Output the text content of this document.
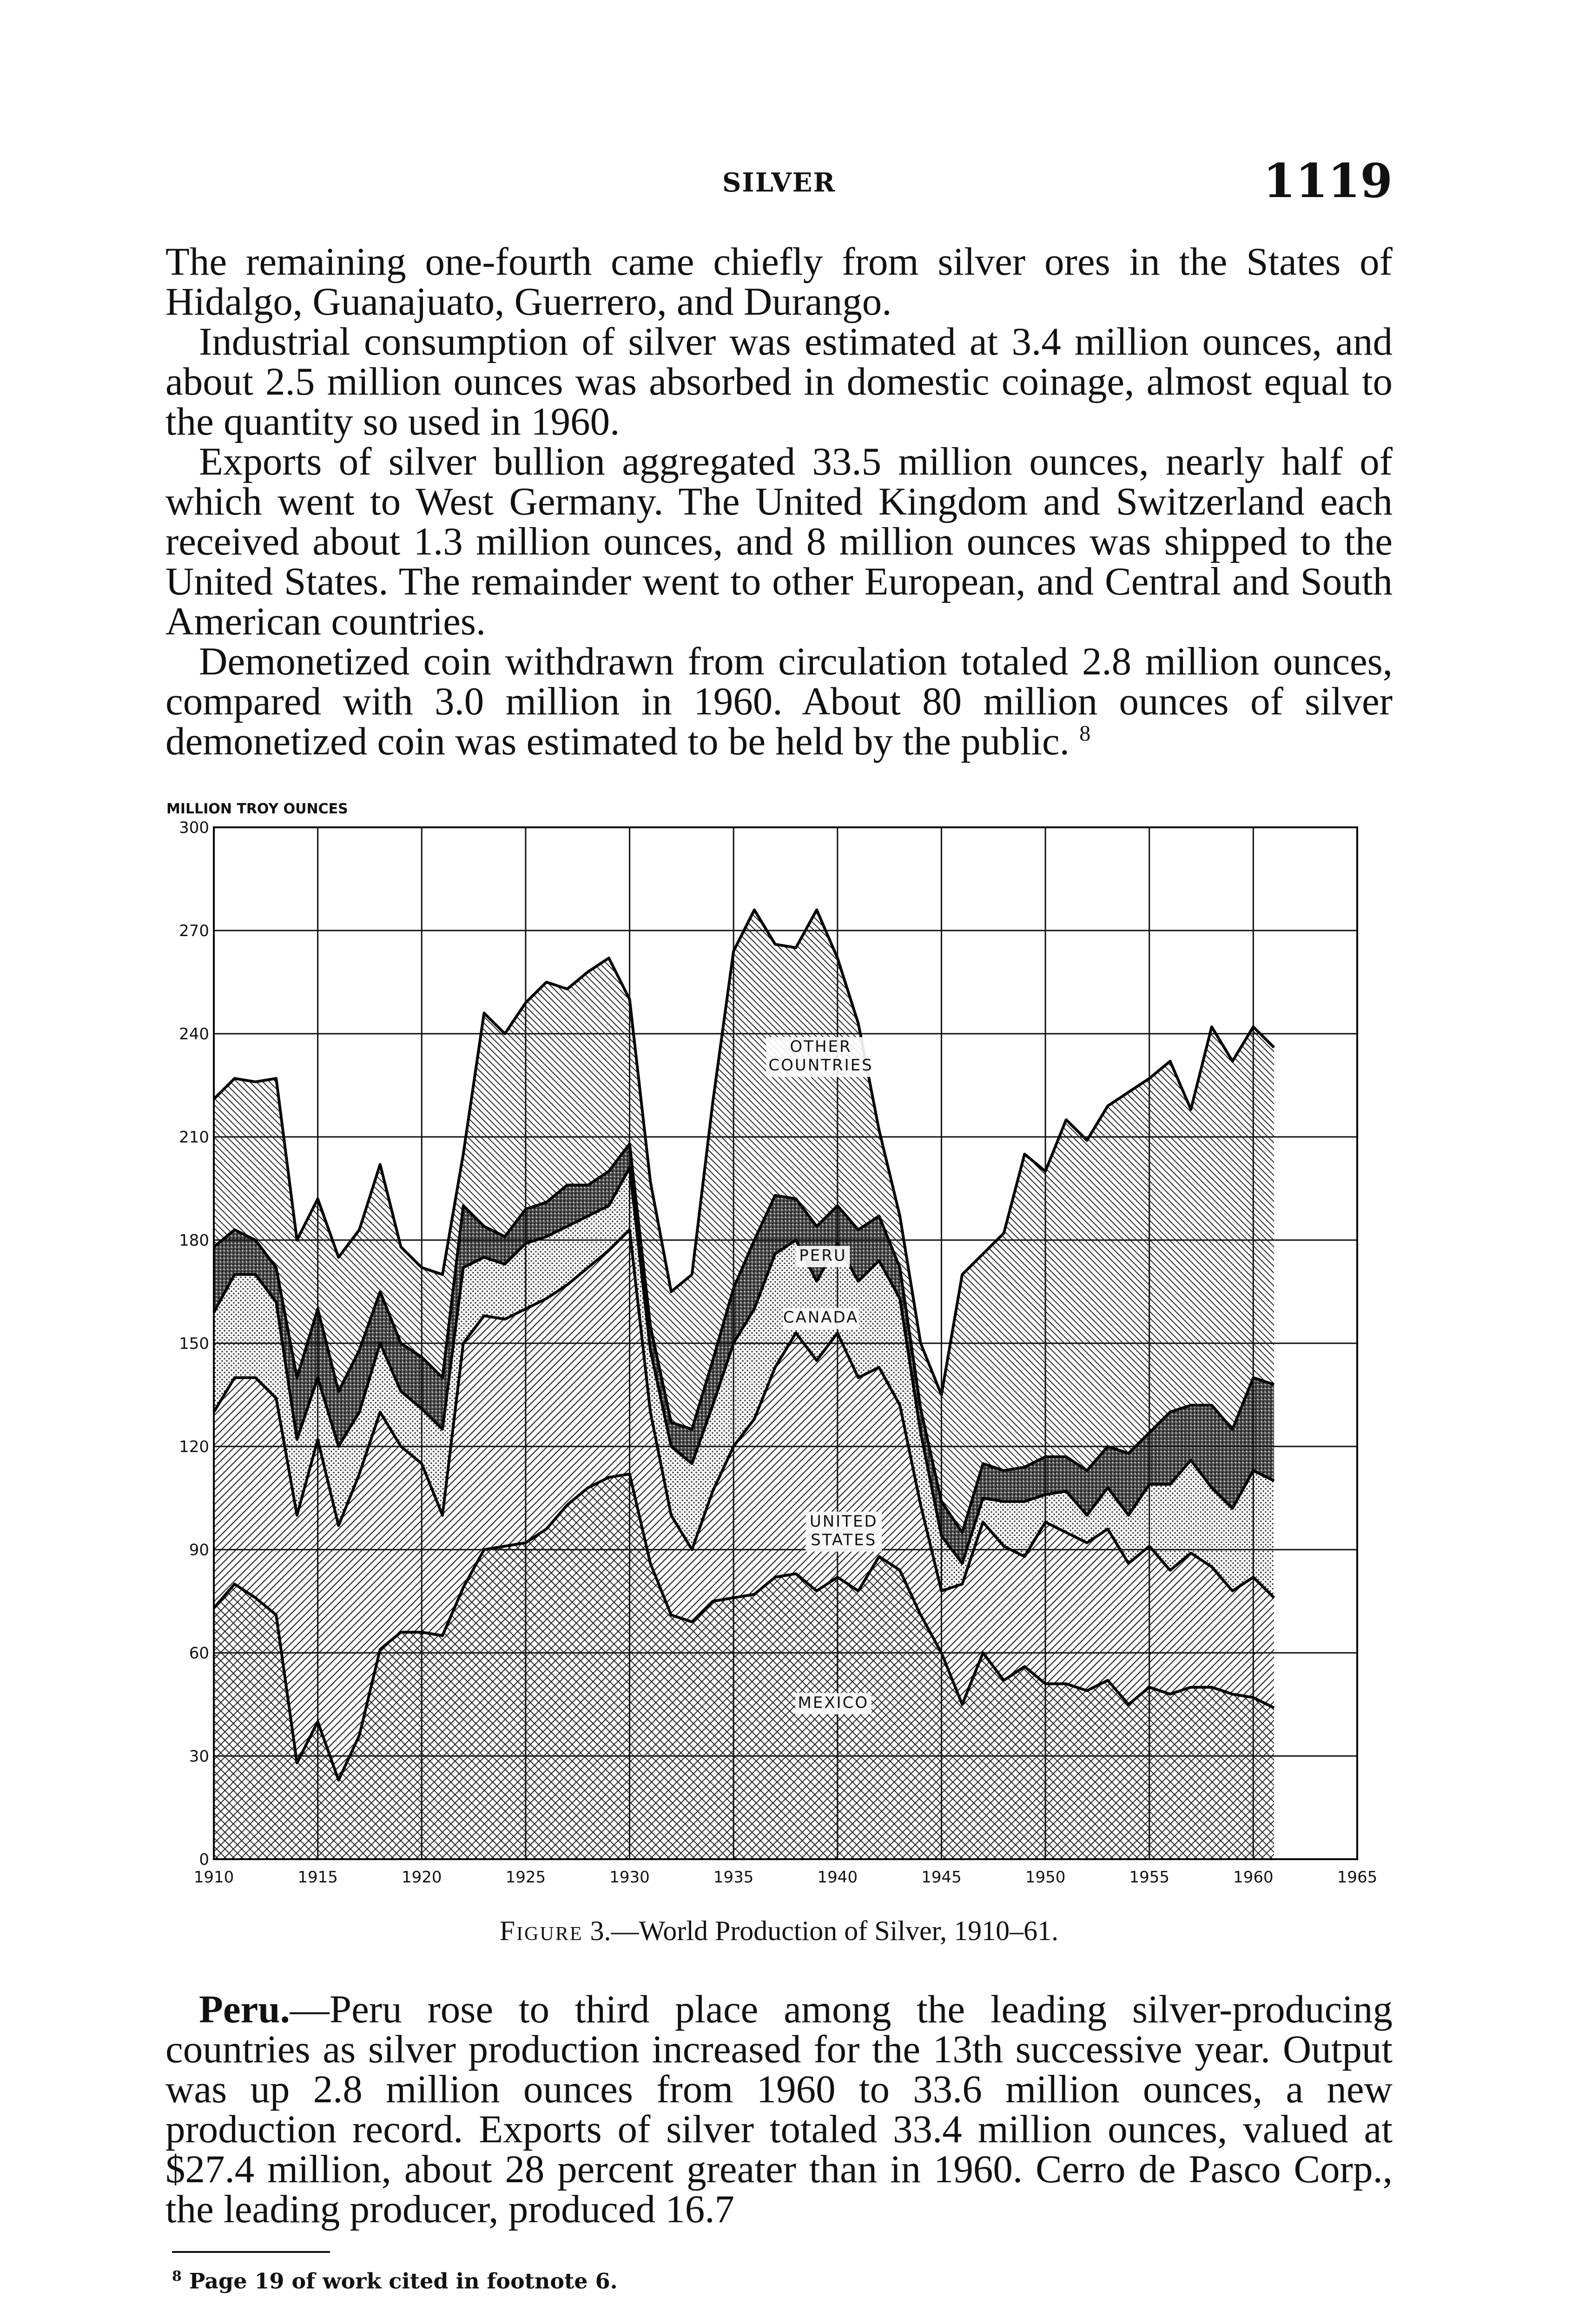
SILVER	1119

The remaining one-fourth came chiefly from silver ores in the States of Hidalgo, Guanajuato, Guerrero, and Durango.

Industrial consumption of silver was estimated at 3.4 million ounces, and about 2.5 million ounces was absorbed in domestic coinage, almost equal to the quantity so used in 1960.

Exports of silver bullion aggregated 33.5 million ounces, nearly half of which went to West Germany. The United Kingdom and Switzerland each received about 1.3 million ounces, and 8 million ounces was shipped to the United States. The remainder went to other European, and Central and South American countries.

Demonetized coin withdrawn from circulation totaled 2.8 million ounces, compared with 3.0 million in 1960. About 80 million ounces of silver demonetized coin was estimated to be held by the public. $^8$

0
30
60
90
120
150
180
210
240
270
300
1910	1915	1920	1925	1930	1935	1940	1945	1950	1955	1960	1965
OTHER
COUNTRIES
PERU
CANADA
UNITED
STATES
MEXICO
MILLION TROY OUNCES
Figure 3.—World Production of Silver, 1910–61.

Peru.—Peru rose to third place among the leading silver-producing countries as silver production increased for the 13th successive year. Output was up 2.8 million ounces from 1960 to 33.6 million ounces, a new production record. Exports of silver totaled 33.4 million ounces, valued at $27.4 million, about 28 percent greater than in 1960. Cerro de Pasco Corp., the leading producer, produced 16.7

$^8$ Page 19 of work cited in footnote 6.
